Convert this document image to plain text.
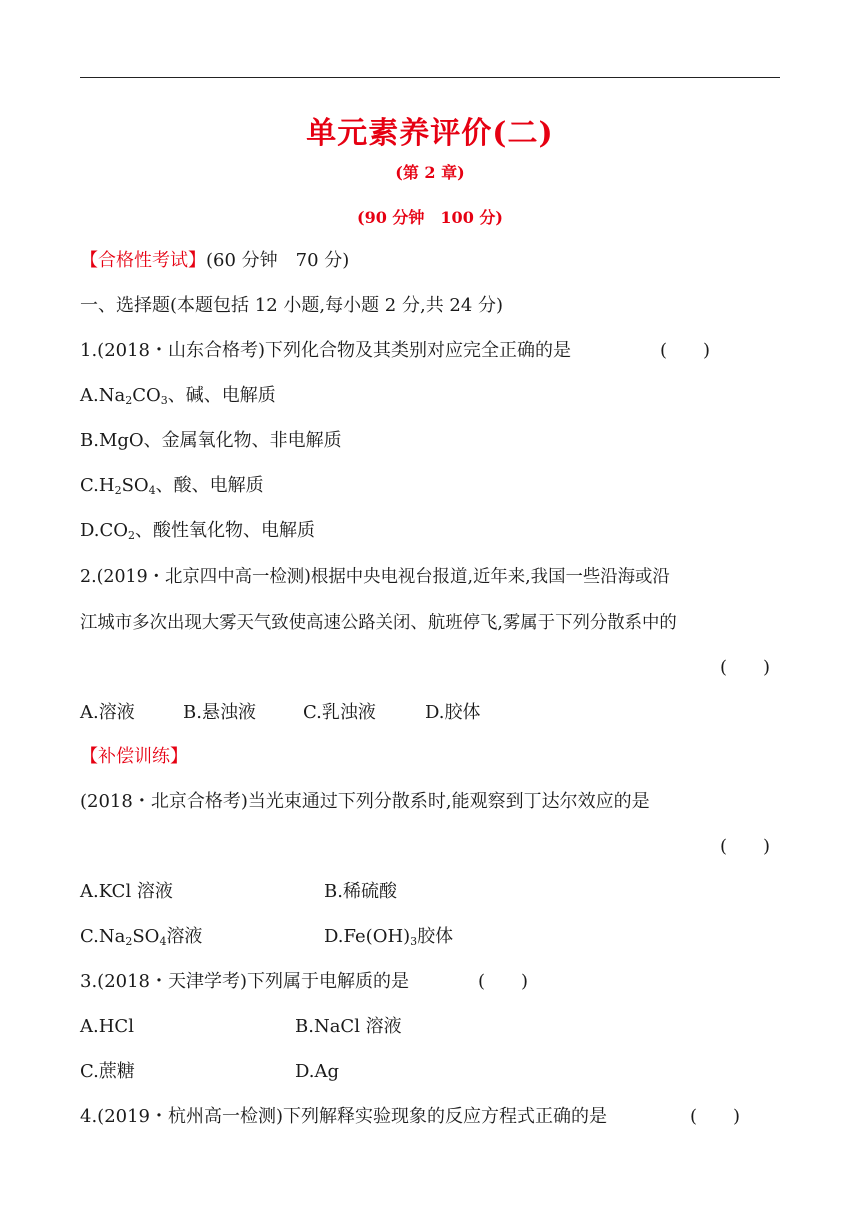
单元素养评价(二)
(第 2 章)
(90 分钟　100 分)
【合格性考试】(60 分钟　70 分)
一、选择题(本题包括 12 小题,每小题 2 分,共 24 分)
1.(2018・山东合格考)下列化合物及其类别对应完全正确的是	(　　)
$A.Na_2CO_3$、碱、电解质
B.MgO、金属氧化物、非电解质
$C.H_2SO_4$、酸、电解质
$D.CO_2$、酸性氧化物、电解质
2.(2019・北京四中高一检测)根据中央电视台报道,近年来,我国一些沿海或沿
江城市多次出现大雾天气致使高速公路关闭、航班停飞,雾属于下列分散系中的
(　　)
A.溶液	B.悬浊液	C.乳浊液	D.胶体
【补偿训练】
(2018・北京合格考)当光束通过下列分散系时,能观察到丁达尔效应的是
(　　)
A.KCl 溶液	B.稀硫酸
$C.Na_2SO_4$溶液	$D.Fe(OH)_3$胶体
3.(2018・天津学考)下列属于电解质的是	(　　)
A.HCl	B.NaCl 溶液
C.蔗糖	D.Ag
4.(2019・杭州高一检测)下列解释实验现象的反应方程式正确的是	(　　)
